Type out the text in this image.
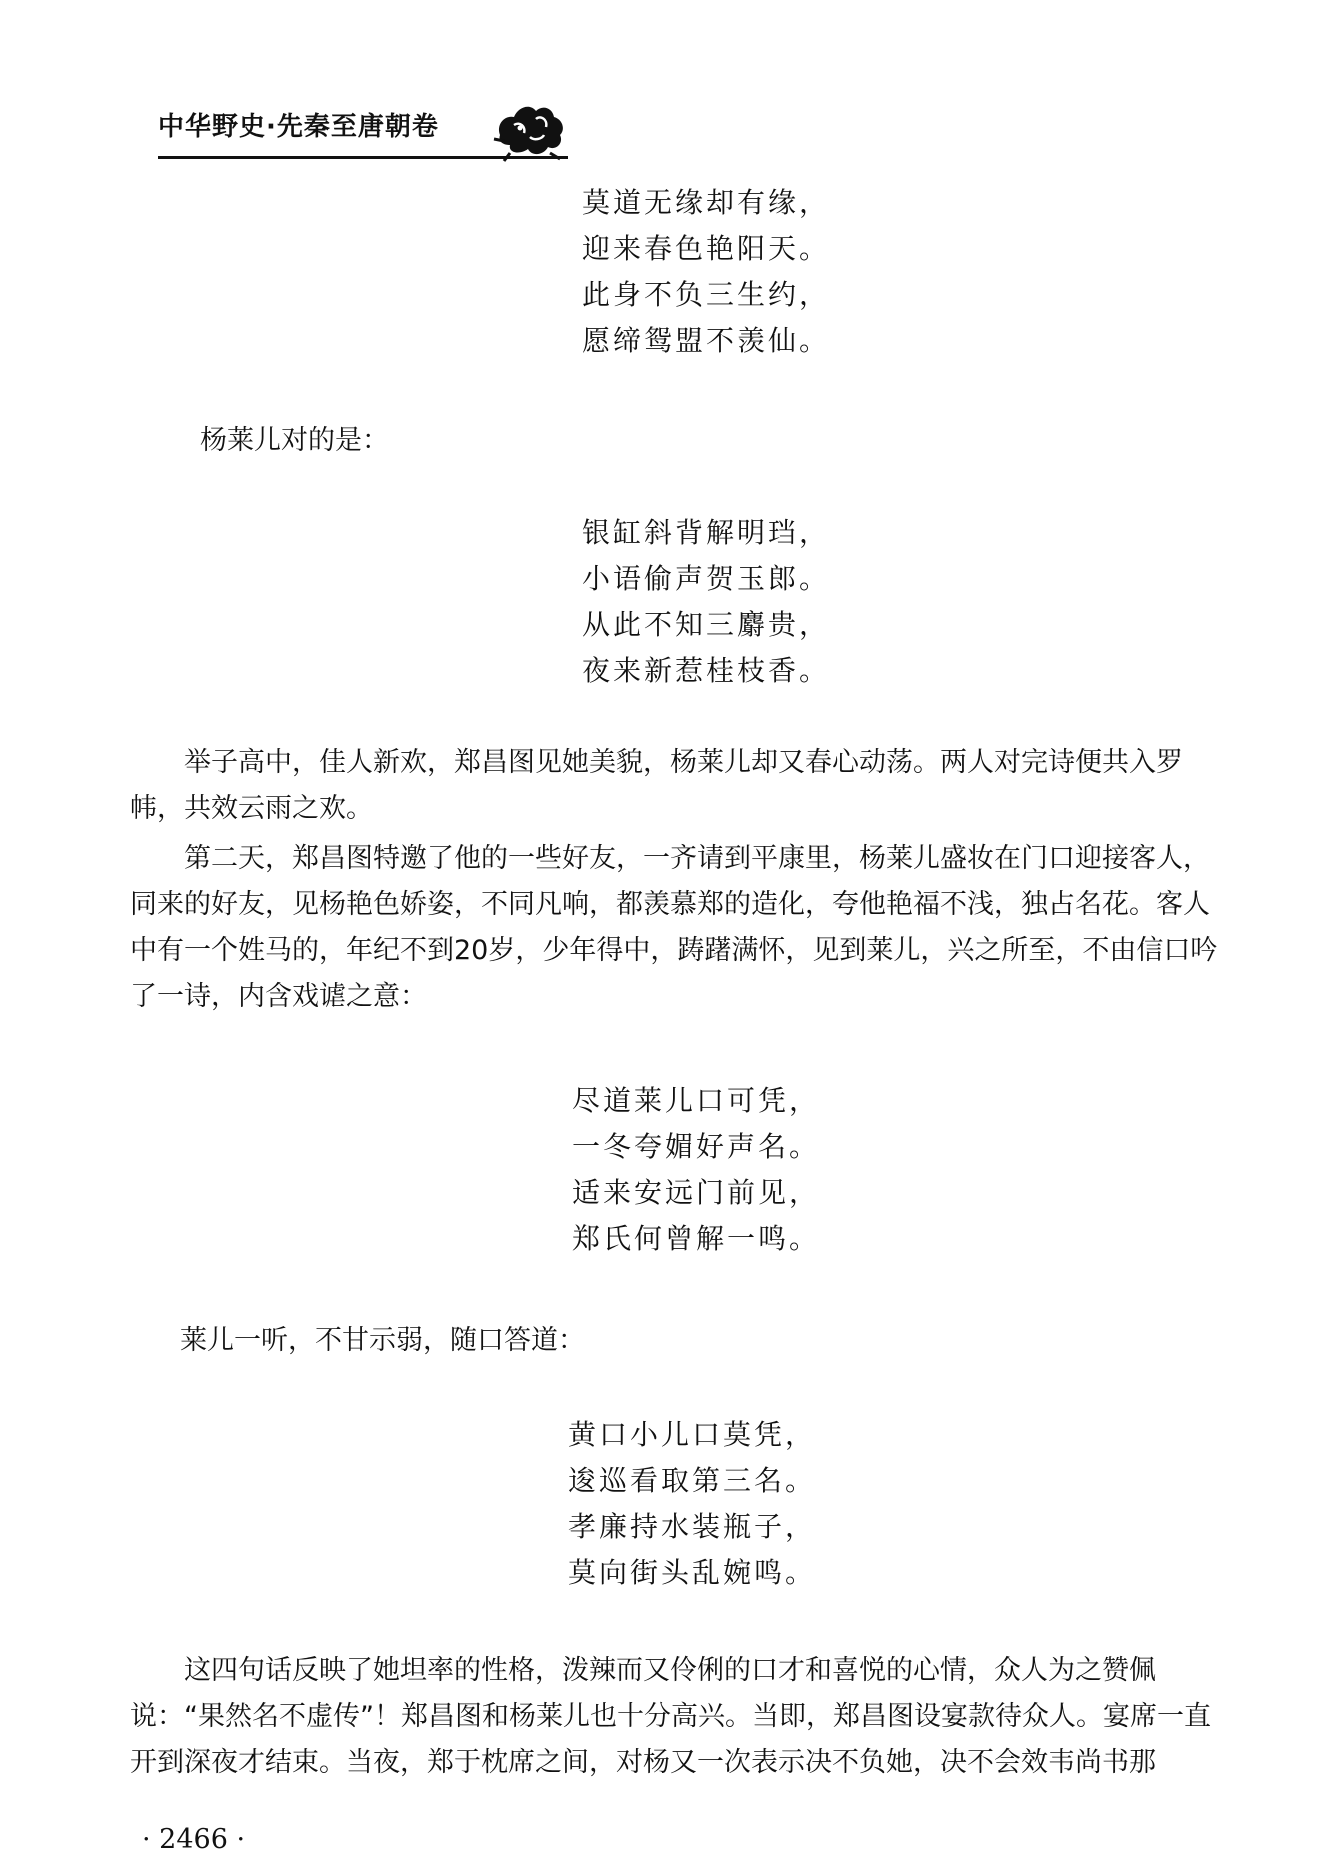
中华野史·先秦至唐朝卷
莫道无缘却有缘，
迎来春色艳阳天。
此身不负三生约，
愿缔鸳盟不羡仙。
杨莱儿对的是：
银缸斜背解明珰，
小语偷声贺玉郎。
从此不知三麝贵，
夜来新惹桂枝香。

举子高中，佳人新欢，郑昌图见她美貌，杨莱儿却又春心动荡。两人对完诗便共入罗帏，共效云雨之欢。

第二天，郑昌图特邀了他的一些好友，一齐请到平康里，杨莱儿盛妆在门口迎接客人，同来的好友，见杨艳色娇姿，不同凡响，都羡慕郑的造化，夸他艳福不浅，独占名花。客人中有一个姓马的，年纪不到20岁，少年得中，踌躇满怀，见到莱儿，兴之所至，不由信口吟了一诗，内含戏谑之意：

尽道莱儿口可凭，
一冬夸媚好声名。
适来安远门前见，
郑氏何曾解一鸣。
莱儿一听，不甘示弱，随口答道：
黄口小儿口莫凭，
逡巡看取第三名。
孝廉持水装瓶子，
莫向街头乱婉鸣。

这四句话反映了她坦率的性格，泼辣而又伶俐的口才和喜悦的心情，众人为之赞佩说：“果然名不虚传”！郑昌图和杨莱儿也十分高兴。当即，郑昌图设宴款待众人。宴席一直开到深夜才结束。当夜，郑于枕席之间，对杨又一次表示决不负她，决不会效韦尚书那

· 2466 ·
